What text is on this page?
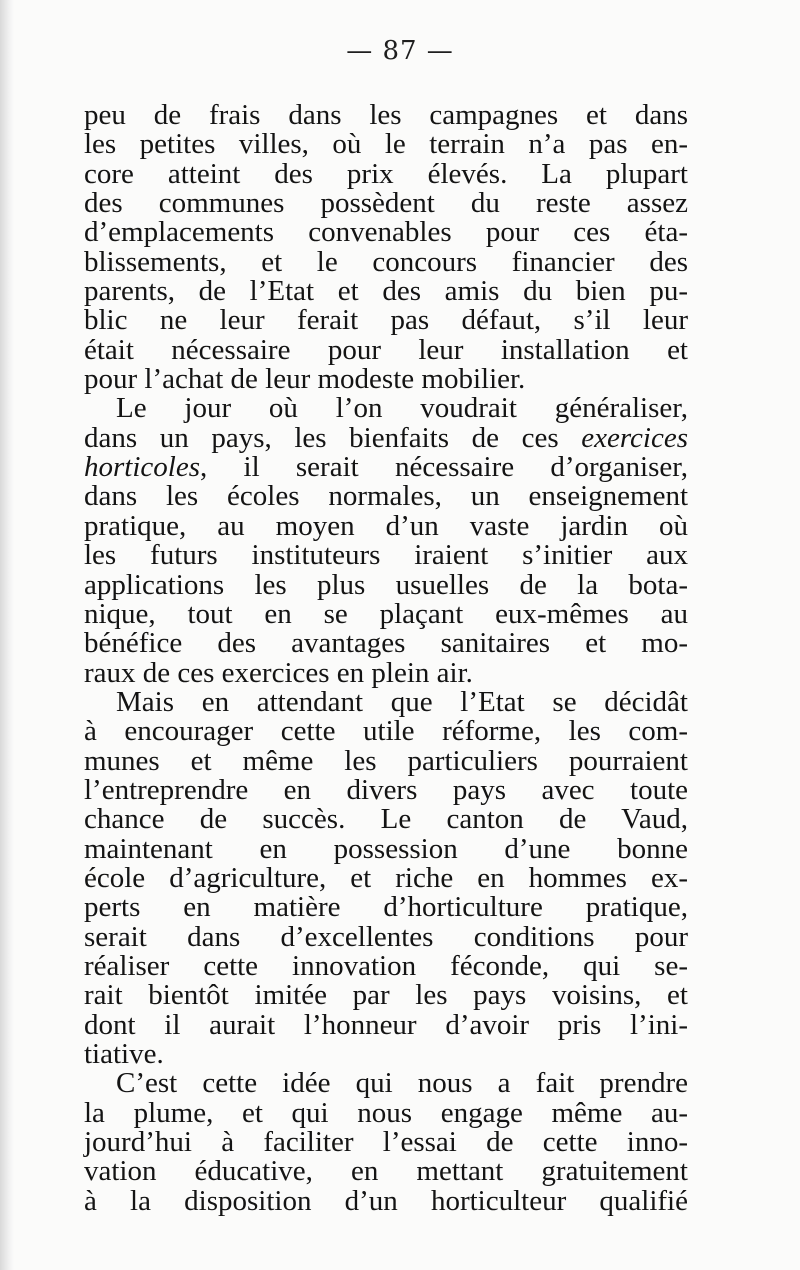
— 87 —
peu de frais dans les campagnes et dans
les petites villes, où le terrain n’a pas en-
core atteint des prix élevés. La plupart
des communes possèdent du reste assez
d’emplacements convenables pour ces éta-
blissements, et le concours financier des
parents, de l’Etat et des amis du bien pu-
blic ne leur ferait pas défaut, s’il leur
était nécessaire pour leur installation et
pour l’achat de leur modeste mobilier.
Le jour où l’on voudrait généraliser,
dans un pays, les bienfaits de ces exercices
horticoles, il serait nécessaire d’organiser,
dans les écoles normales, un enseignement
pratique, au moyen d’un vaste jardin où
les futurs instituteurs iraient s’initier aux
applications les plus usuelles de la bota-
nique, tout en se plaçant eux-mêmes au
bénéfice des avantages sanitaires et mo-
raux de ces exercices en plein air.
Mais en attendant que l’Etat se décidât
à encourager cette utile réforme, les com-
munes et même les particuliers pourraient
l’entreprendre en divers pays avec toute
chance de succès. Le canton de Vaud,
maintenant en possession d’une bonne
école d’agriculture, et riche en hommes ex-
perts en matière d’horticulture pratique,
serait dans d’excellentes conditions pour
réaliser cette innovation féconde, qui se-
rait bientôt imitée par les pays voisins, et
dont il aurait l’honneur d’avoir pris l’ini-
tiative.
C’est cette idée qui nous a fait prendre
la plume, et qui nous engage même au-
jourd’hui à faciliter l’essai de cette inno-
vation éducative, en mettant gratuitement
à la disposition d’un horticulteur qualifié
